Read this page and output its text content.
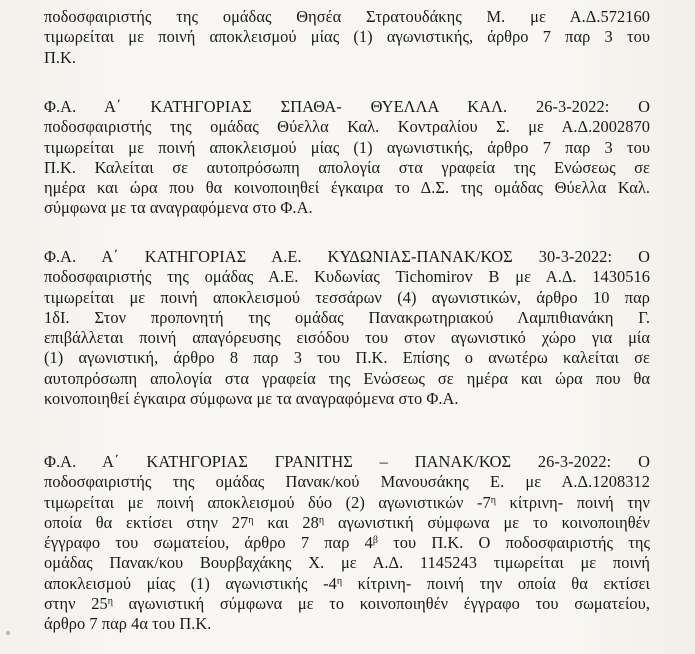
ποδοσφαιριστής της ομάδας Θησέα Στρατουδάκης Μ. με Α.Δ.572160
τιμωρείται με ποινή αποκλεισμού μίας (1) αγωνιστικής, άρθρο 7 παρ 3 του
Π.Κ.
Φ.Α. Α΄ ΚΑΤΗΓΟΡΙΑΣ ΣΠΑΘΑ- ΘΥΕΛΛΑ ΚΑΛ. 26-3-2022: Ο
ποδοσφαιριστής της ομάδας Θύελλα Καλ. Κοντραλίου Σ. με Α.Δ.2002870
τιμωρείται με ποινή αποκλεισμού μίας (1) αγωνιστικής, άρθρο 7 παρ 3 του
Π.Κ. Καλείται σε αυτοπρόσωπη απολογία στα γραφεία της Ενώσεως σε
ημέρα και ώρα που θα κοινοποιηθεί έγκαιρα το Δ.Σ. της ομάδας Θύελλα Καλ.
σύμφωνα με τα αναγραφόμενα στο Φ.Α.
Φ.Α. Α΄ ΚΑΤΗΓΟΡΙΑΣ Α.Ε. ΚΥΔΩΝΙΑΣ-ΠΑΝΑΚ/ΚΟΣ 30-3-2022: Ο
ποδοσφαιριστής της ομάδας Α.Ε. Κυδωνίας Tichomirov B με Α.Δ. 1430516
τιμωρείται με ποινή αποκλεισμού τεσσάρων (4) αγωνιστικών, άρθρο 10 παρ
1δΙ. Στον προπονητή της ομάδας Πανακρωτηριακού Λαμπιθιανάκη Γ.
επιβάλλεται ποινή απαγόρευσης εισόδου του στον αγωνιστικό χώρο για μία
(1) αγωνιστική, άρθρο 8 παρ 3 του Π.Κ. Επίσης ο ανωτέρω καλείται σε
αυτοπρόσωπη απολογία στα γραφεία της Ενώσεως σε ημέρα και ώρα που θα
κοινοποιηθεί έγκαιρα σύμφωνα με τα αναγραφόμενα στο Φ.Α.
Φ.Α. Α΄ ΚΑΤΗΓΟΡΙΑΣ ΓΡΑΝΙΤΗΣ – ΠΑΝΑΚ/ΚΟΣ 26-3-2022: Ο
ποδοσφαιριστής της ομάδας Πανακ/κού Μανουσάκης Ε. με Α.Δ.1208312
τιμωρείται με ποινή αποκλεισμού δύο (2) αγωνιστικών $-7^\eta$ κίτρινη- ποινή την
οποία θα εκτίσει στην $27^\eta$ και $28^\eta$ αγωνιστική σύμφωνα με το κοινοποιηθέν
έγγραφο του σωματείου, άρθρο 7 παρ $4^\beta$ του Π.Κ. Ο ποδοσφαιριστής της
ομάδας Πανακ/κου Βουρβαχάκης Χ. με Α.Δ. 1145243 τιμωρείται με ποινή
αποκλεισμού μίας (1) αγωνιστικής $-4^\eta$ κίτρινη- ποινή την οποία θα εκτίσει
στην $25^\eta$ αγωνιστική σύμφωνα με το κοινοποιηθέν έγγραφο του σωματείου,
άρθρο 7 παρ 4α του Π.Κ.
